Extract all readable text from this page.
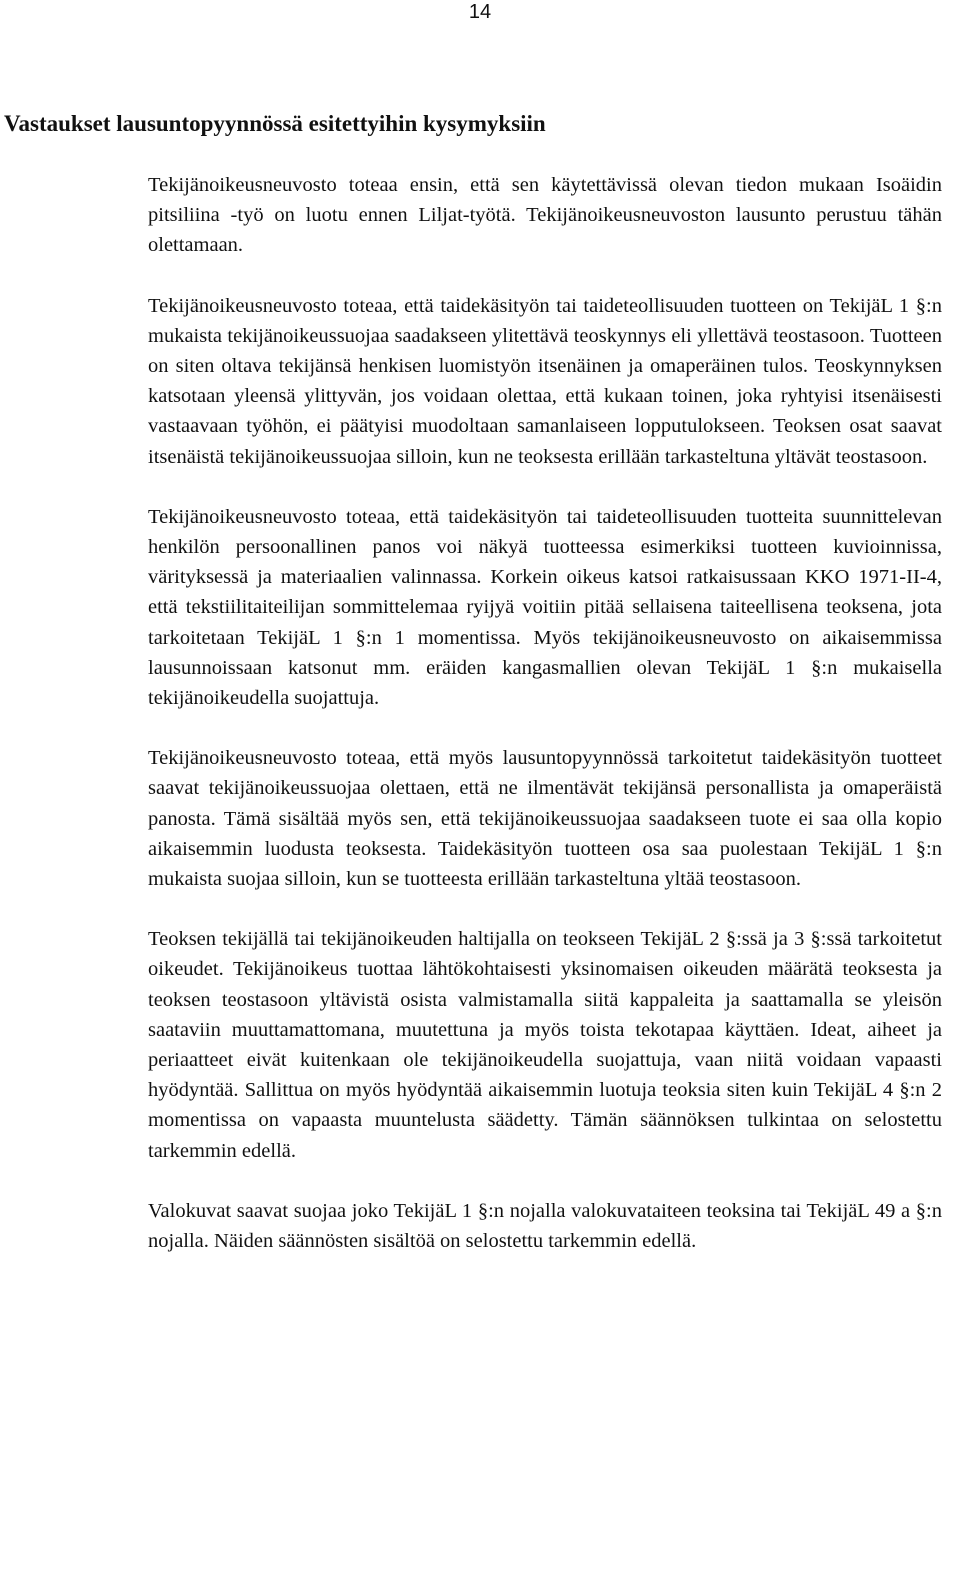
14
Vastaukset lausuntopyynnössä esitettyihin kysymyksiin

Tekijänoikeusneuvosto toteaa ensin, että sen käytettävissä olevan tiedon mukaan Isoäidin pitsiliina -työ on luotu ennen Liljat-työtä. Tekijänoikeusneuvoston lausunto perustuu tähän olettamaan.

Tekijänoikeusneuvosto toteaa, että taidekäsityön tai taideteollisuuden tuotteen on TekijäL 1 §:n mukaista tekijänoikeussuojaa saadakseen ylitettävä teoskynnys eli yllettävä teostasoon. Tuotteen on siten oltava tekijänsä henkisen luomistyön itsenäinen ja omaperäinen tulos. Teoskynnyksen katsotaan yleensä ylittyvän, jos voidaan olettaa, että kukaan toinen, joka ryhtyisi itsenäisesti vastaavaan työhön, ei päätyisi muodoltaan samanlaiseen lopputulokseen. Teoksen osat saavat itsenäistä tekijänoikeussuojaa silloin, kun ne teoksesta erillään tarkasteltuna yltävät teostasoon.

Tekijänoikeusneuvosto toteaa, että taidekäsityön tai taideteollisuuden tuotteita suunnittelevan henkilön persoonallinen panos voi näkyä tuotteessa esimerkiksi tuotteen kuvioinnissa, värityksessä ja materiaalien valinnassa. Korkein oikeus katsoi ratkaisussaan KKO 1971-II-4, että tekstiilitaiteilijan sommittelemaa ryijyä voitiin pitää sellaisena taiteellisena teoksena, jota tarkoitetaan TekijäL 1 §:n 1 momentissa. Myös tekijänoikeusneuvosto on aikaisemmissa lausunnoissaan katsonut mm. eräiden kangasmallien olevan TekijäL 1 §:n mukaisella tekijänoikeudella suojattuja.

Tekijänoikeusneuvosto toteaa, että myös lausuntopyynnössä tarkoitetut taidekäsityön tuotteet saavat tekijänoikeussuojaa olettaen, että ne ilmentävät tekijänsä personallista ja omaperäistä panosta. Tämä sisältää myös sen, että tekijänoikeussuojaa saadakseen tuote ei saa olla kopio aikaisemmin luodusta teoksesta. Taidekäsityön tuotteen osa saa puolestaan TekijäL 1 §:n mukaista suojaa silloin, kun se tuotteesta erillään tarkasteltuna yltää teostasoon.

Teoksen tekijällä tai tekijänoikeuden haltijalla on teokseen TekijäL 2 §:ssä ja 3 §:ssä tarkoitetut oikeudet. Tekijänoikeus tuottaa lähtökohtaisesti yksinomaisen oikeuden määrätä teoksesta ja teoksen teostasoon yltävistä osista valmistamalla siitä kappaleita ja saattamalla se yleisön saataviin muuttamattomana, muutettuna ja myös toista tekotapaa käyttäen. Ideat, aiheet ja periaatteet eivät kuitenkaan ole tekijänoikeudella suojattuja, vaan niitä voidaan vapaasti hyödyntää. Sallittua on myös hyödyntää aikaisemmin luotuja teoksia siten kuin TekijäL 4 §:n 2 momentissa on vapaasta muuntelusta säädetty. Tämän säännöksen tulkintaa on selostettu tarkemmin edellä.

Valokuvat saavat suojaa joko TekijäL 1 §:n nojalla valokuvataiteen teoksina tai TekijäL 49 a §:n nojalla. Näiden säännösten sisältöä on selostettu tarkemmin edellä.
